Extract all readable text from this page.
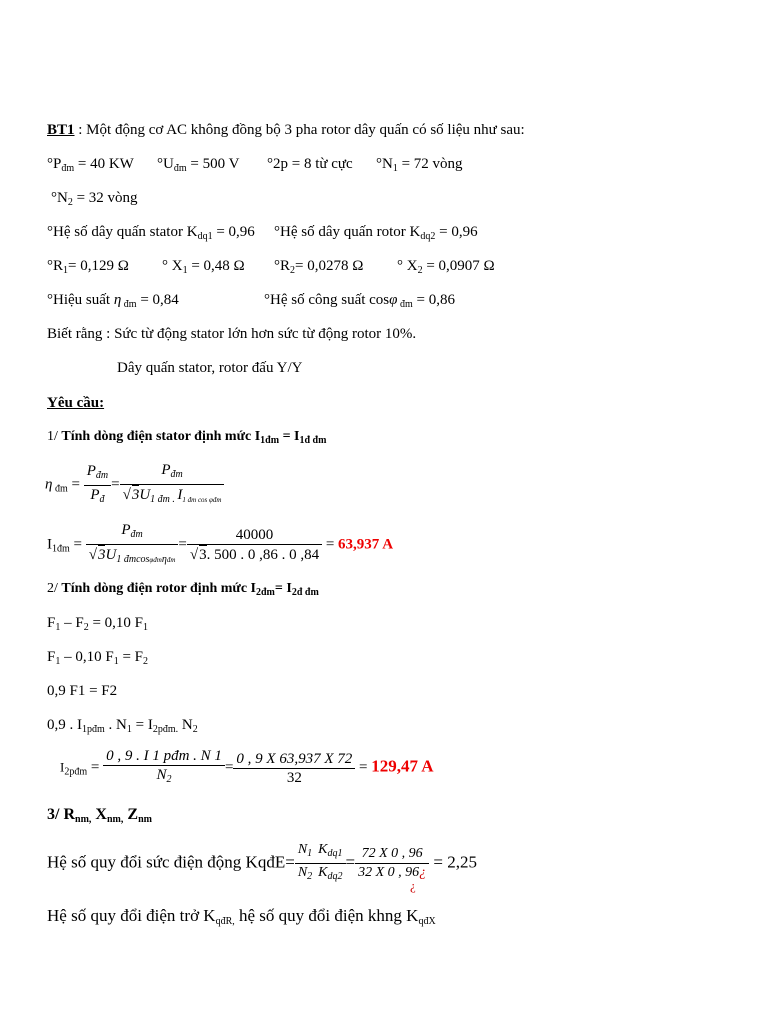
BT1 : Một động cơ AC không đồng bộ 3 pha rotor dây quấn có số liệu như sau:
$^\circ P_{đm} = 40$ KW $^\circ U_{đm} = 500$ V °2p = 8 từ cực $^\circ N_1 = 72$ vòng
$^\circ N_2 = 32$ vòng
°Hệ số dây quấn stator $K_{dq1} = 0,96$ °Hệ số dây quấn rotor $K_{dq2} = 0,96$
$^\circ R_1= 0,129$ Ω ° $X_1 = 0,48$ Ω $^\circ R_2= 0,0278$ Ω ° $X_2 = 0,0907$ Ω
°Hiệu suất η $_{đm}$ = 0,84	°Hệ số công suất cosφ $_{đm}$ = 0,86
Biết rằng : Sức từ động stator lớn hơn sức từ động rotor 10%.
Dây quấn stator, rotor đấu Y/Y
Yêu cầu:
1/ Tính dòng điện stator định mức $I_{1đm} = I_{1đ đm}$
η $_{đm} = \frac{P_{đm}}{P_đ} = \frac{P_{đm}}{√3U_{1 đm .} I_{1 đm cos \varphi đm}}$
$I_{1đm} = \frac{P_{đm}}{√3U_{1 đmcos\varphi đm\eta đm}} = \frac{40000}{√3. 500 . 0 ,86 . 0 ,84} = 63,937$ A
2/ Tính dòng điện rotor định mức $I_{2đm}= I_{2đ đm}$
$F_1 - F_2 = 0,10$ $F_1$
$F_1 - 0,10$ $F_1 = F_2$
0,9 F1 = F2
0,9 . $I_{1pđm}$ . $N_1 = I_{2pđm.}$ $N_2$
$I_{2pđm} = \frac{\text{0 , 9 . I 1 pđm . N 1}}{N_2} = \frac{0 , 9 X 63,937 X 72}{32} = 129,47$ A
3/ $R_{nm,}$ $X_{nm,}$ $Z_{nm}$
Hệ số quy đổi sức điện động KqđE= $\frac{N_1}{N_2} \frac{K_{dq1}}{K_{dq2}} = \frac{72 X 0 , 96}{32 X 0 , 96¿} = 2,25$
¿
Hệ số quy đổi điện trở $K_{qđR,}$ hệ số quy đổi điện khng $K_{qđX}$
